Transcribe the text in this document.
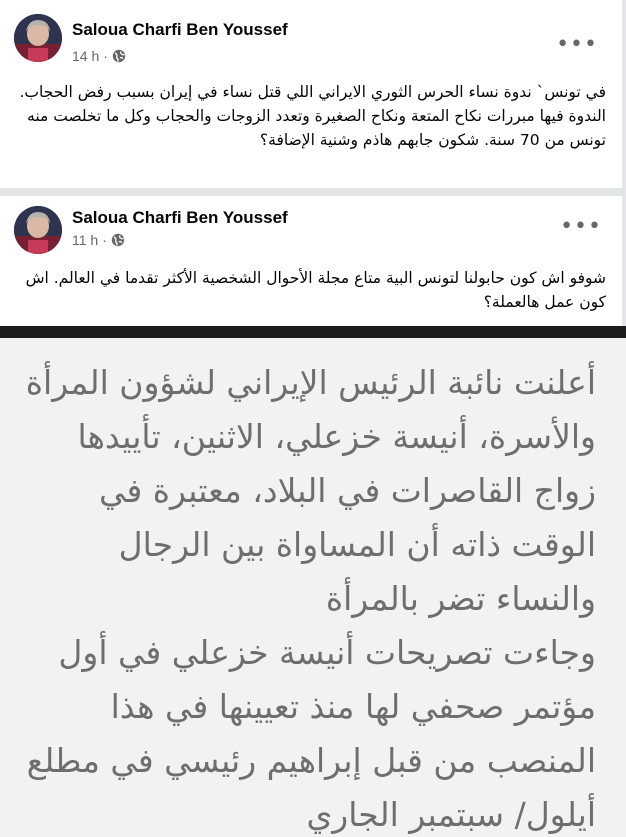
Saloua Charfi Ben Youssef
14 h ·	•••
في تونس` ندوة نساء الحرس الثوري الايراني اللي قتل نساء في إيران بسبب رفض الحجاب. الندوة فيها مبررات نكاح المتعة ونكاح الصغيرة وتعدد الزوجات والحجاب وكل ما تخلصت منه تونس من 70 سنة. شكون جابهم هاذم وشنية الإضافة؟
Saloua Charfi Ben Youssef
11 h ·
•••
شوفو اش كون حابولنا لتونس البية متاع مجلة الأحوال الشخصية الأكثر تقدما في العالم. اش كون عمل هالعملة؟

أعلنت نائبة الرئيس الإيراني لشؤون المرأة والأسرة، أنيسة خزعلي، الاثنين، تأييدها زواج القاصرات في البلاد، معتبرة في الوقت ذاته أن المساواة بين الرجال والنساء تضر بالمرأة

وجاءت تصريحات أنيسة خزعلي في أول مؤتمر صحفي لها منذ تعيينها في هذا المنصب من قبل إبراهيم رئيسي في مطلع أيلول/ سبتمبر الجاري
